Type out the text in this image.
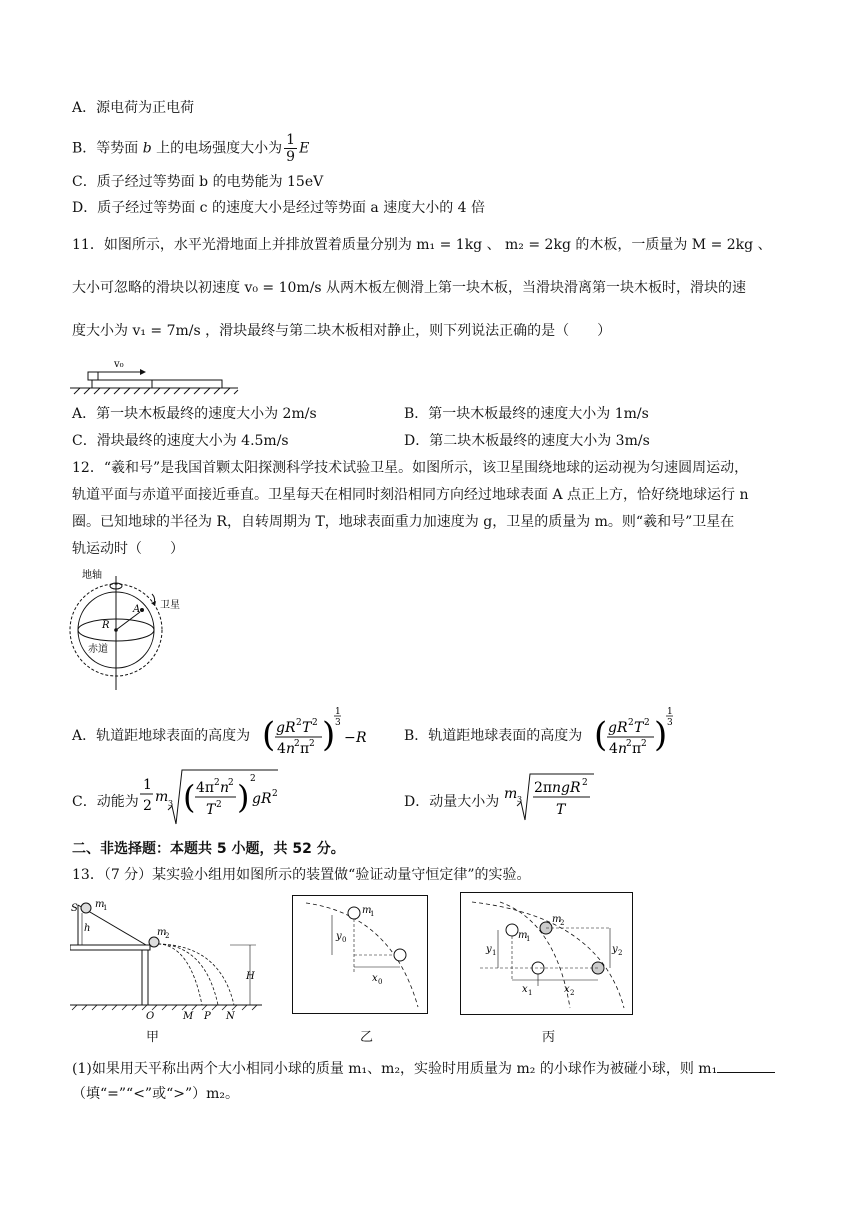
A．源电荷为正电荷
B．等势面 b 上的电场强度大小为 $\frac{1}{9}$ E
C．质子经过等势面 b 的电势能为 15eV
D．质子经过等势面 c 的速度大小是经过等势面 a 速度大小的 4 倍
11．如图所示，水平光滑地面上并排放置着质量分别为 m₁ = 1kg 、 m₂ = 2kg 的木板，一质量为 M = 2kg 、
大小可忽略的滑块以初速度 v₀ = 10m/s 从两木板左侧滑上第一块木板，当滑块滑离第一块木板时，滑块的速
度大小为 v₁ = 7m/s ，滑块最终与第二块木板相对静止，则下列说法正确的是（　　）
v₀
A．第一块木板最终的速度大小为 2m/s	B．第一块木板最终的速度大小为 1m/s
C．滑块最终的速度大小为 4.5m/s	D．第二块木板最终的速度大小为 3m/s
12．“羲和号”是我国首颗太阳探测科学技术试验卫星。如图所示，该卫星围绕地球的运动视为匀速圆周运动，
轨道平面与赤道平面接近垂直。卫星每天在相同时刻沿相同方向经过地球表面 A 点正上方，恰好绕地球运行 n
圈。已知地球的半径为 R，自转周期为 T，地球表面重力加速度为 g，卫星的质量为 m。则“羲和号”卫星在
轨运动时（　　）
地轴
卫星
赤道
A
R
A．轨道距地球表面的高度为 ( gR 2 T 2
4 n
2 π 2 )
1
3
− R	B．轨道距地球表面的高度为 ( gR 2 T 2
4 n
2 π 2 )
1
3
C．动能为
1
2
m 3 ( 4π 2 n
2
T 2 ) 2
gR 2	D．动量大小为 m 3
2π ngR 2
T
二、非选择题：本题共 5 小题，共 52 分。
13．（7 分）某实验小组用如图所示的装置做“验证动量守恒定律”的实验。
S m
1
h	m
2
H
O	M P N
m
1
y 0
x 0
m
1
m
2
y 1	y 2
x 1	x 2
甲	乙	丙
(1)如果用天平称出两个大小相同小球的质量 m₁、m₂，实验时用质量为 m₂ 的小球作为被碰小球，则 m₁
（填“=”“<”或“>”）m₂。
